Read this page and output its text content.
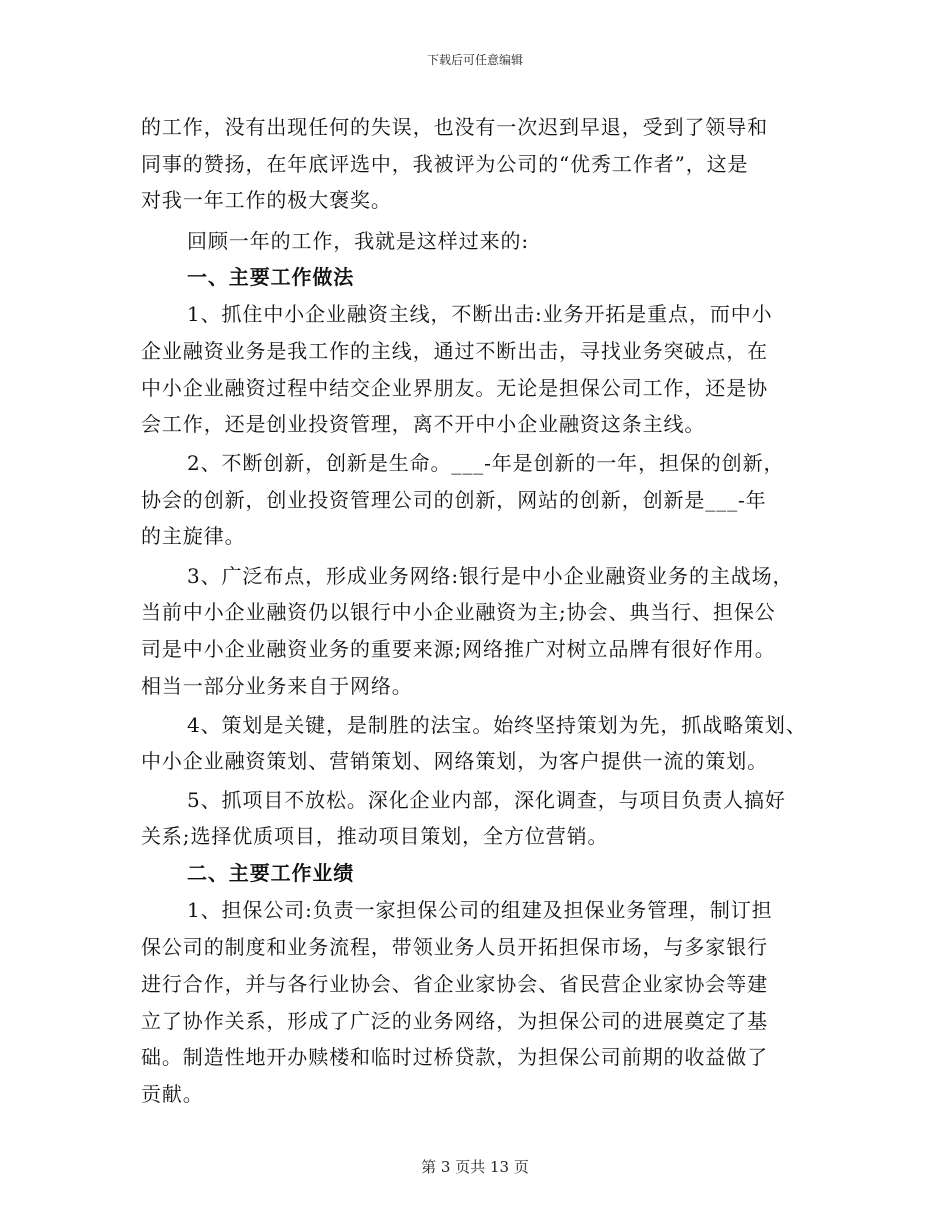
下载后可任意编辑
的工作，没有出现任何的失误，也没有一次迟到早退，受到了领导和
同事的赞扬，在年底评选中，我被评为公司的“优秀工作者”，这是
对我一年工作的极大褒奖。
回顾一年的工作，我就是这样过来的:
一、主要工作做法
1、抓住中小企业融资主线，不断出击:业务开拓是重点，而中小
企业融资业务是我工作的主线，通过不断出击，寻找业务突破点，在
中小企业融资过程中结交企业界朋友。无论是担保公司工作，还是协
会工作，还是创业投资管理，离不开中小企业融资这条主线。
2、不断创新，创新是生命。___-年是创新的一年，担保的创新，
协会的创新，创业投资管理公司的创新，网站的创新，创新是___-年
的主旋律。
3、广泛布点，形成业务网络:银行是中小企业融资业务的主战场，
当前中小企业融资仍以银行中小企业融资为主;协会、典当行、担保公
司是中小企业融资业务的重要来源;网络推广对树立品牌有很好作用。
相当一部分业务来自于网络。
4、策划是关键，是制胜的法宝。始终坚持策划为先，抓战略策划、
中小企业融资策划、营销策划、网络策划，为客户提供一流的策划。
5、抓项目不放松。深化企业内部，深化调查，与项目负责人搞好
关系;选择优质项目，推动项目策划，全方位营销。
二、主要工作业绩
1、担保公司:负责一家担保公司的组建及担保业务管理，制订担
保公司的制度和业务流程，带领业务人员开拓担保市场，与多家银行
进行合作，并与各行业协会、省企业家协会、省民营企业家协会等建
立了协作关系，形成了广泛的业务网络，为担保公司的进展奠定了基
础。制造性地开办赎楼和临时过桥贷款，为担保公司前期的收益做了
贡献。
第 3 页共 13 页
